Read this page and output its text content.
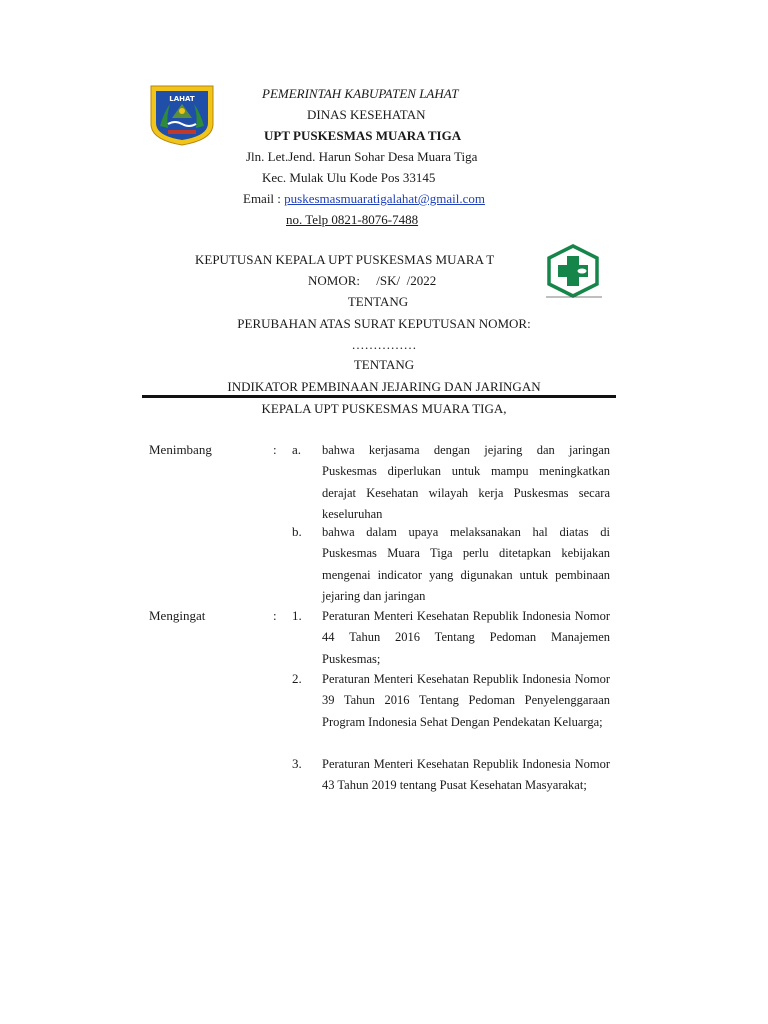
LAHAT	PEMERINTAH KABUPATEN LAHAT
DINAS KESEHATAN
UPT PUSKESMAS MUARA TIGA
Jln. Let.Jend. Harun Sohar Desa Muara Tiga
Kec. Mulak Ulu Kode Pos 33145
Email : puskesmasmuaratigalahat@gmail.com
no. Telp 0821-8076-7488
KEPUTUSAN KEPALA UPT PUSKESMAS MUARA T
NOMOR:     /SK/  /2022
TENTANG
PERUBAHAN ATAS SURAT KEPUTUSAN NOMOR:
……………
TENTANG
INDIKATOR PEMBINAAN JEJARING DAN JARINGAN
KEPALA UPT PUSKESMAS MUARA TIGA,
Menimbang	: a. bahwa kerjasama dengan jejaring dan jaringan Puskesmas diperlukan untuk mampu meningkatkan derajat Kesehatan wilayah kerja Puskesmas secara keseluruhan
b. bahwa dalam upaya melaksanakan hal diatas di Puskesmas Muara Tiga perlu ditetapkan kebijakan mengenai indicator yang digunakan untuk pembinaan jejaring dan jaringan
Mengingat	: 1. Peraturan Menteri Kesehatan Republik Indonesia Nomor 44 Tahun 2016 Tentang Pedoman Manajemen Puskesmas;
2. Peraturan Menteri Kesehatan Republik Indonesia Nomor 39 Tahun 2016 Tentang Pedoman Penyelenggaraan Program Indonesia Sehat Dengan Pendekatan Keluarga;
3. Peraturan Menteri Kesehatan Republik Indonesia Nomor 43 Tahun 2019 tentang Pusat Kesehatan Masyarakat;
